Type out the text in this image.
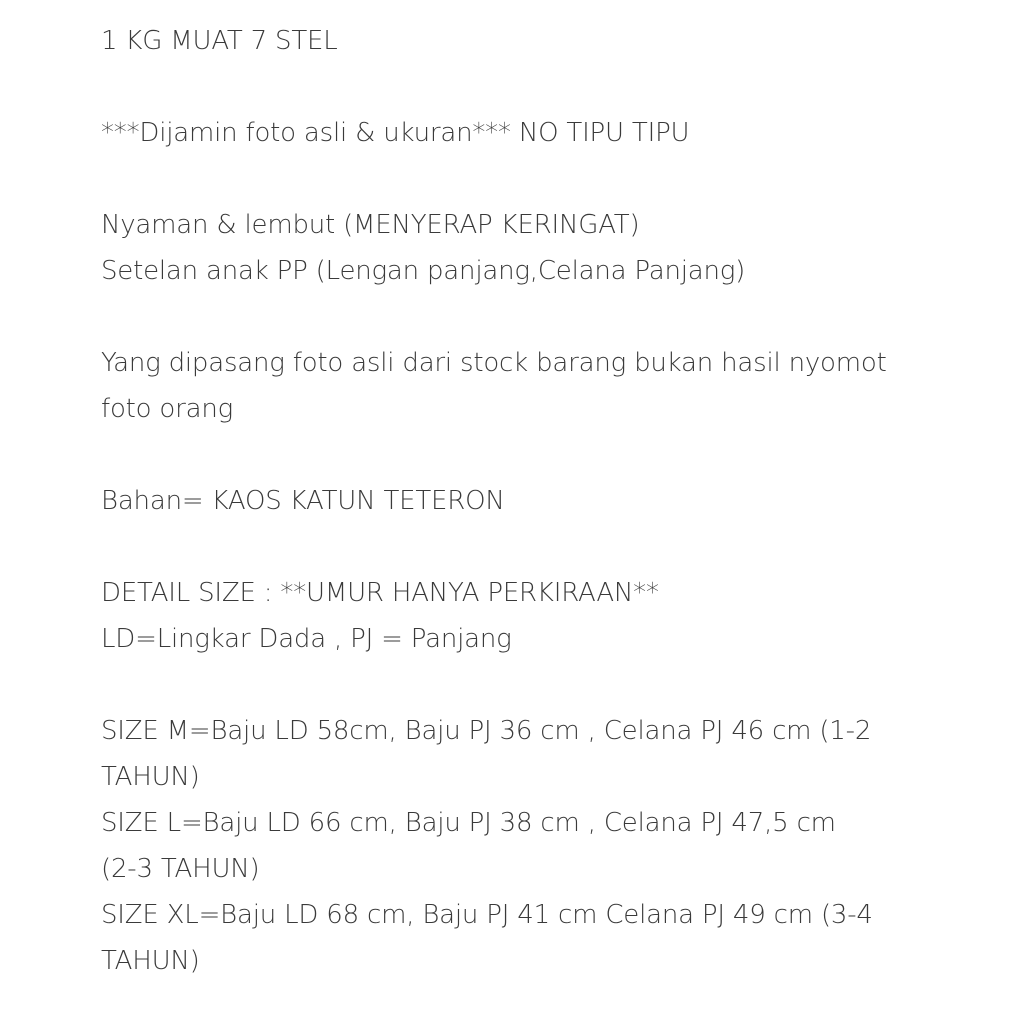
1 KG MUAT 7 STEL
***Dijamin foto asli & ukuran*** NO TIPU TIPU
Nyaman & lembut (MENYERAP KERINGAT)
Setelan anak PP (Lengan panjang,Celana Panjang)
Yang dipasang foto asli dari stock barang bukan hasil nyomot
foto orang
Bahan= KAOS KATUN TETERON
DETAIL SIZE : **UMUR HANYA PERKIRAAN**
LD=Lingkar Dada , PJ = Panjang
SIZE M=Baju LD 58cm, Baju PJ 36 cm , Celana PJ 46 cm (1-2
TAHUN)
SIZE L=Baju LD 66 cm, Baju PJ 38 cm , Celana PJ 47,5 cm
(2-3 TAHUN)
SIZE XL=Baju LD 68 cm, Baju PJ 41 cm Celana PJ 49 cm (3-4
TAHUN)
